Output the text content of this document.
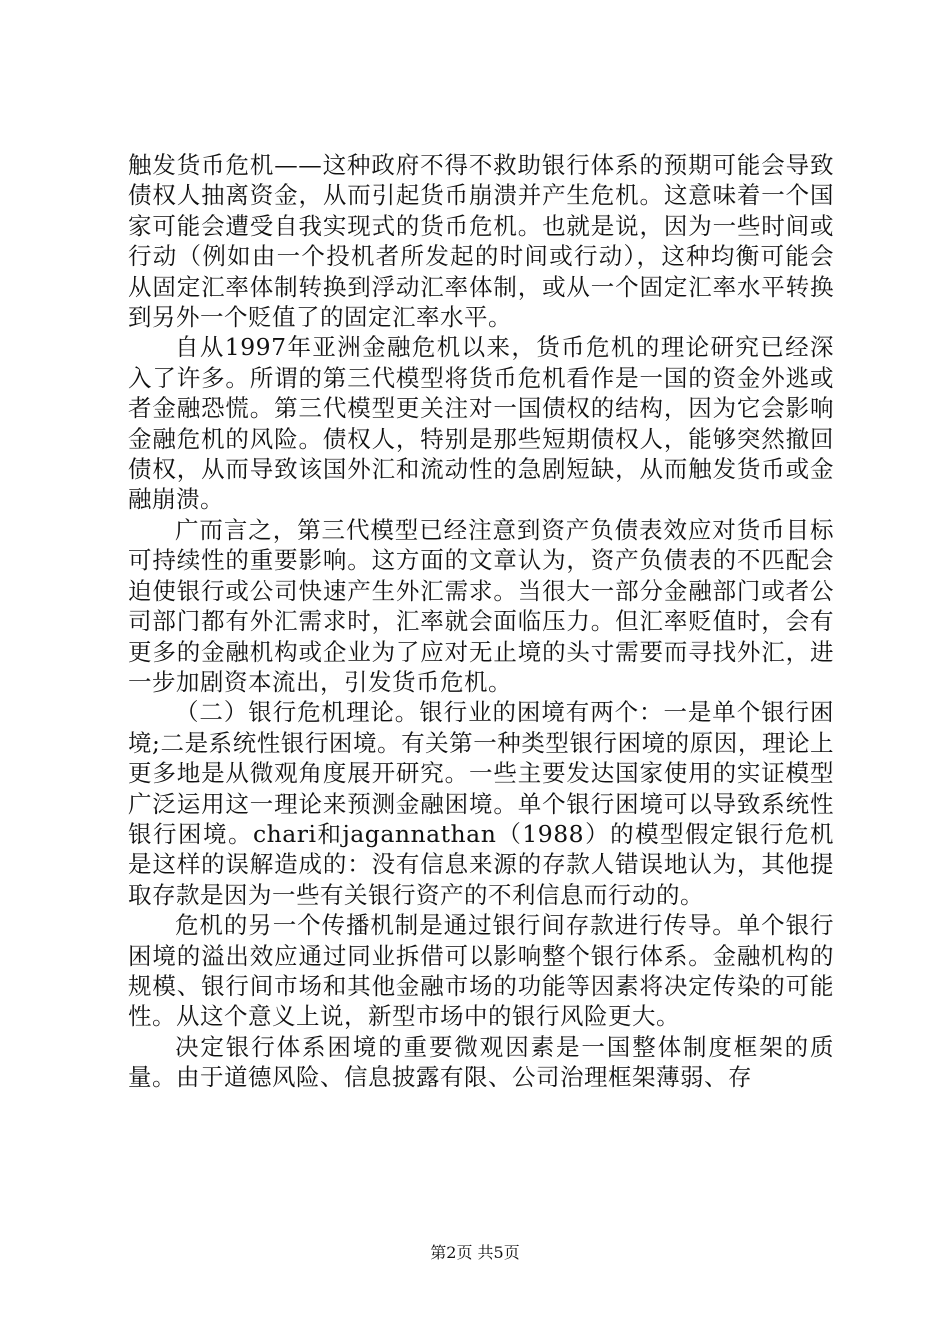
触发货币危机——这种政府不得不救助银行体系的预期可能会导致债权人抽离资金，从而引起货币崩溃并产生危机。这意味着一个国家可能会遭受自我实现式的货币危机。也就是说，因为一些时间或行动（例如由一个投机者所发起的时间或行动），这种均衡可能会从固定汇率体制转换到浮动汇率体制，或从一个固定汇率水平转换到另外一个贬值了的固定汇率水平。

自从1997年亚洲金融危机以来，货币危机的理论研究已经深入了许多。所谓的第三代模型将货币危机看作是一国的资金外逃或者金融恐慌。第三代模型更关注对一国债权的结构，因为它会影响金融危机的风险。债权人，特别是那些短期债权人，能够突然撤回债权，从而导致该国外汇和流动性的急剧短缺，从而触发货币或金融崩溃。

广而言之，第三代模型已经注意到资产负债表效应对货币目标可持续性的重要影响。这方面的文章认为，资产负债表的不匹配会迫使银行或公司快速产生外汇需求。当很大一部分金融部门或者公司部门都有外汇需求时，汇率就会面临压力。但汇率贬值时，会有更多的金融机构或企业为了应对无止境的头寸需要而寻找外汇，进一步加剧资本流出，引发货币危机。

（二）银行危机理论。银行业的困境有两个：一是单个银行困境;二是系统性银行困境。有关第一种类型银行困境的原因，理论上更多地是从微观角度展开研究。一些主要发达国家使用的实证模型广泛运用这一理论来预测金融困境。单个银行困境可以导致系统性银行困境。chari和jagannathan（1988）的模型假定银行危机是这样的误解造成的：没有信息来源的存款人错误地认为，其他提取存款是因为一些有关银行资产的不利信息而行动的。

危机的另一个传播机制是通过银行间存款进行传导。单个银行困境的溢出效应通过同业拆借可以影响整个银行体系。金融机构的规模、银行间市场和其他金融市场的功能等因素将决定传染的可能性。从这个意义上说，新型市场中的银行风险更大。

决定银行体系困境的重要微观因素是一国整体制度框架的质量。由于道德风险、信息披露有限、公司治理框架薄弱、存

第2页 共5页
